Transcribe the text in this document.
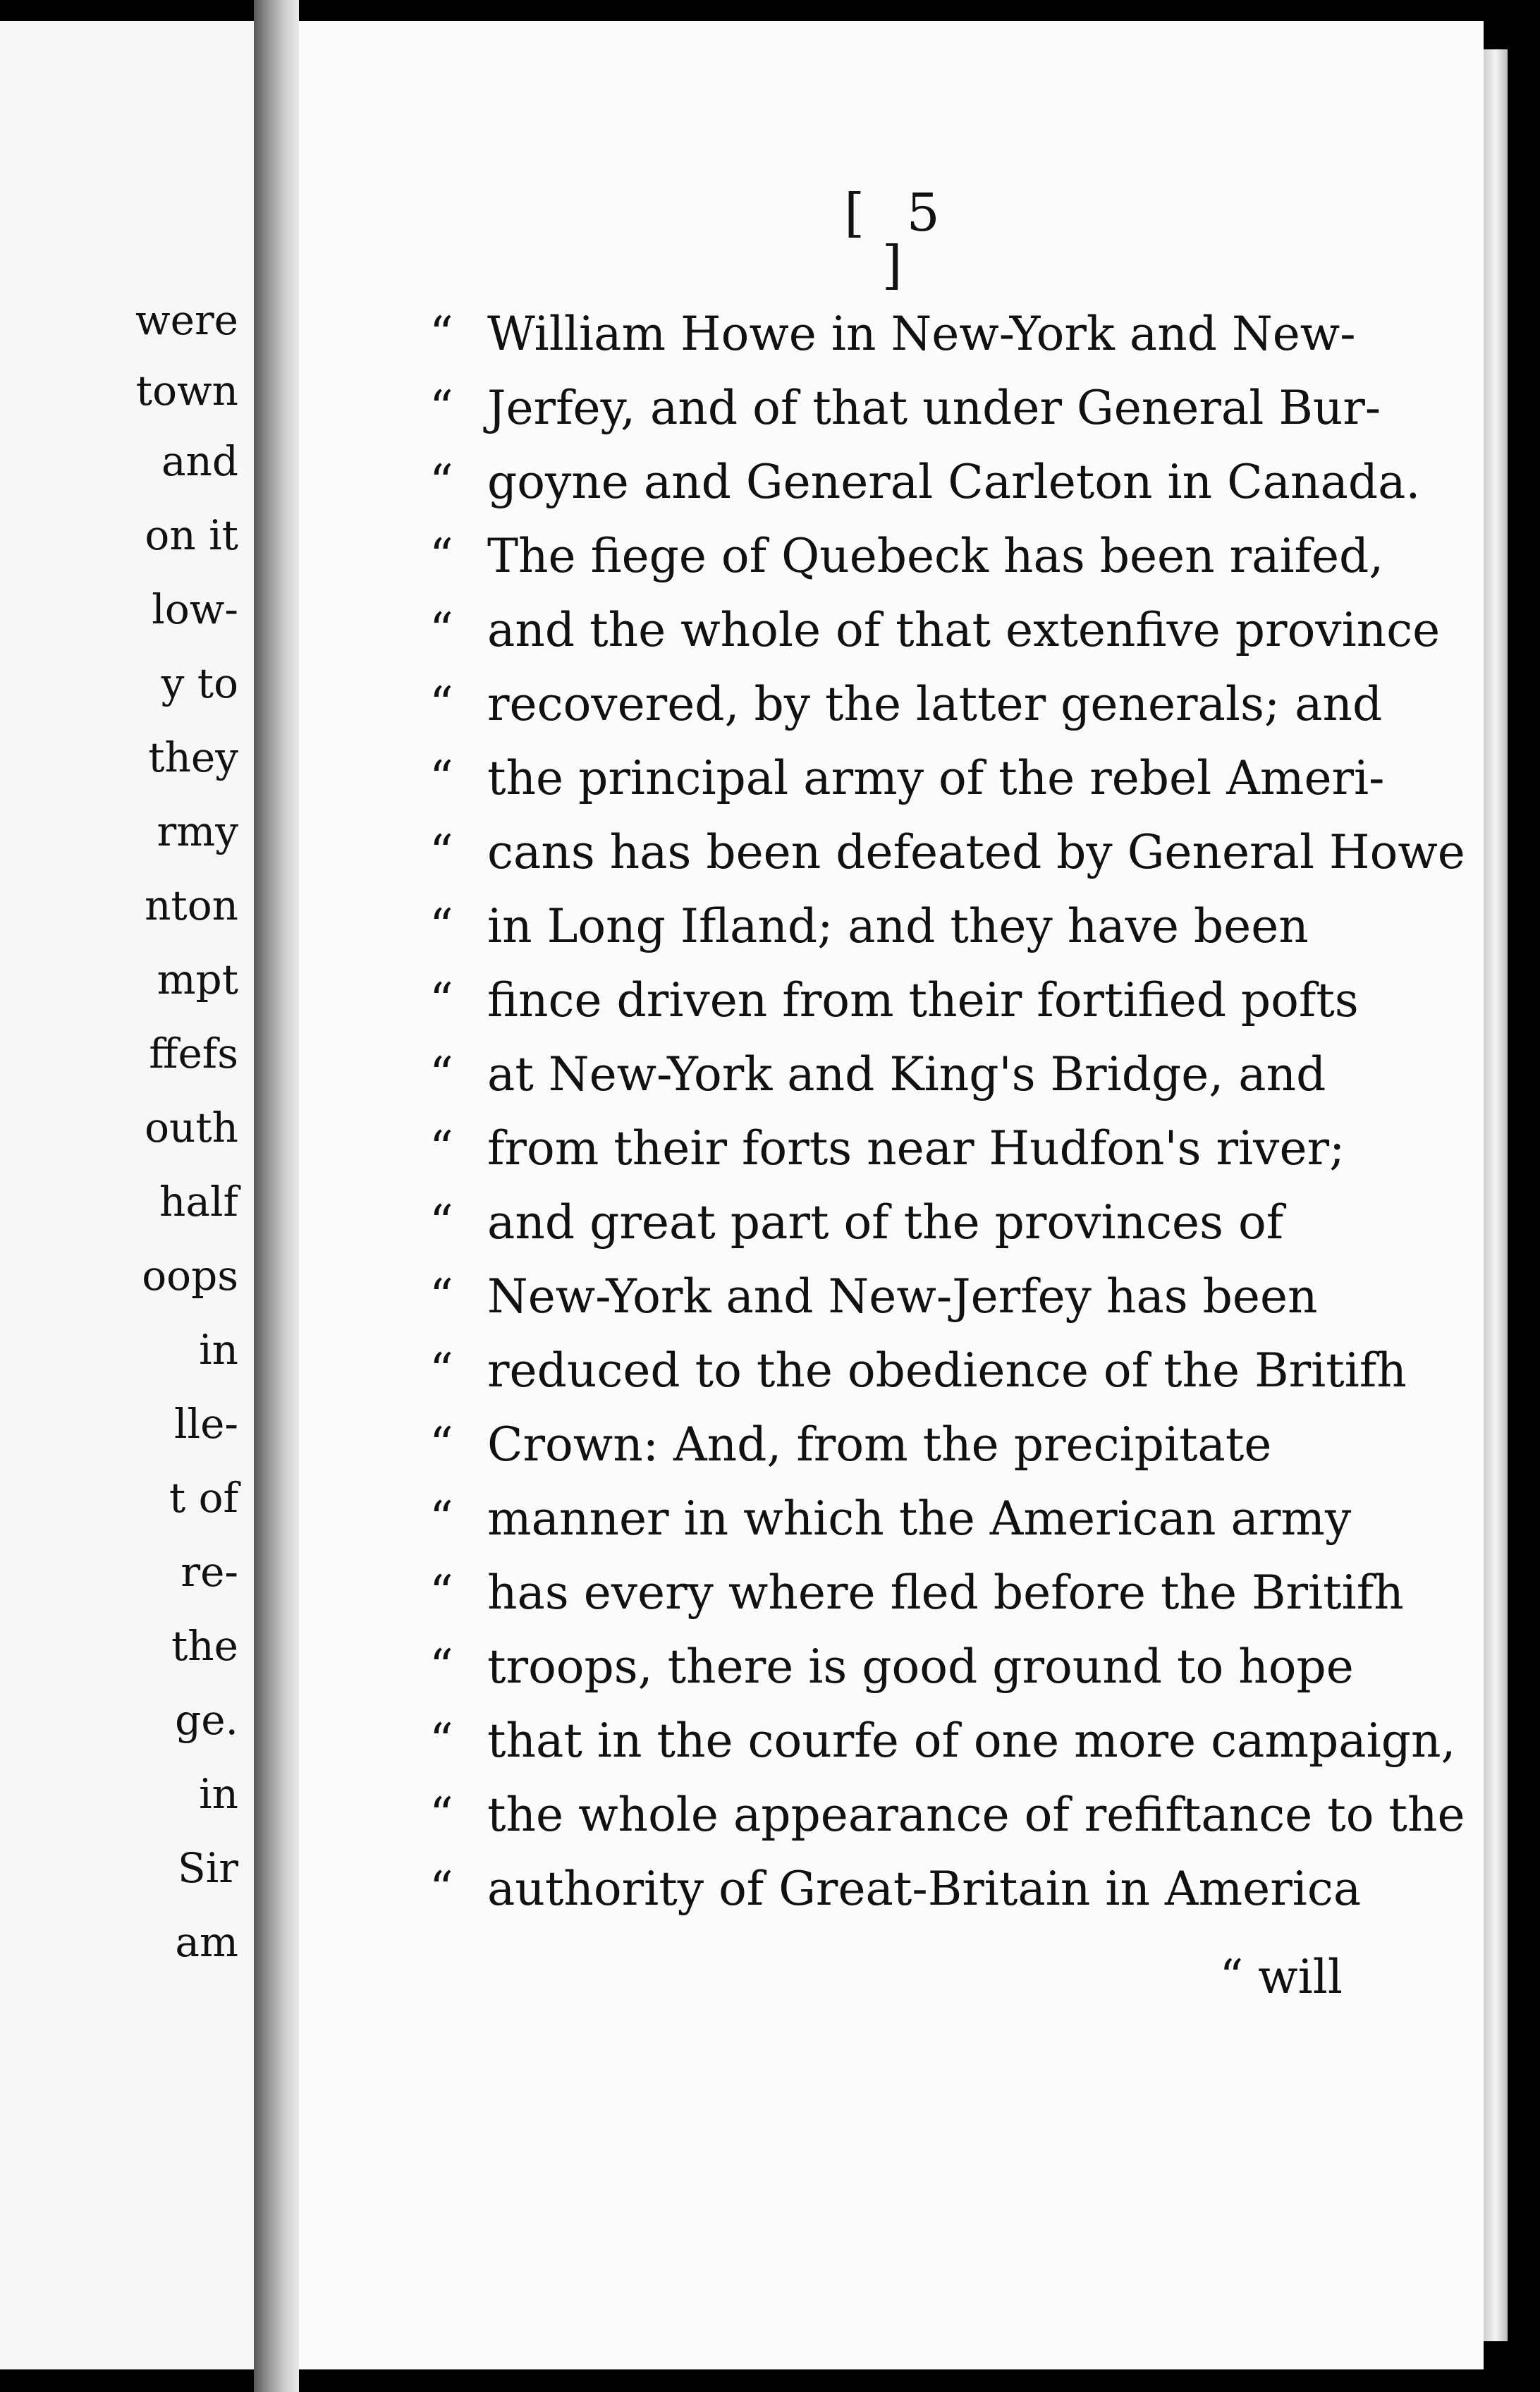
were
town
and
on it
low-
y to
they
rmy
nton
mpt
ffefs
outh
half
oops
in
lle-
t of
re-
the
ge.
in
Sir
am
[ 5 ]
“ William Howe in New-York and New-
“ Jerfey, and of that under General Bur-
“ goyne and General Carleton in Canada.
“ The fiege of Quebeck has been raifed,
“ and the whole of that extenfive province
“ recovered, by the latter generals; and
“ the principal army of the rebel Ameri-
“ cans has been defeated by General Howe
“ in Long Ifland; and they have been
“ fince driven from their fortified pofts
“ at New-York and King's Bridge, and
“ from their forts near Hudfon's river;
“ and great part of the provinces of
“ New-York and New-Jerfey has been
“ reduced to the obedience of the Britifh
“ Crown: And, from the precipitate
“ manner in which the American army
“ has every where fled before the Britifh
“ troops, there is good ground to hope
“ that in the courfe of one more campaign,
“ the whole appearance of refiftance to the
“ authority of Great-Britain in America
“ will
